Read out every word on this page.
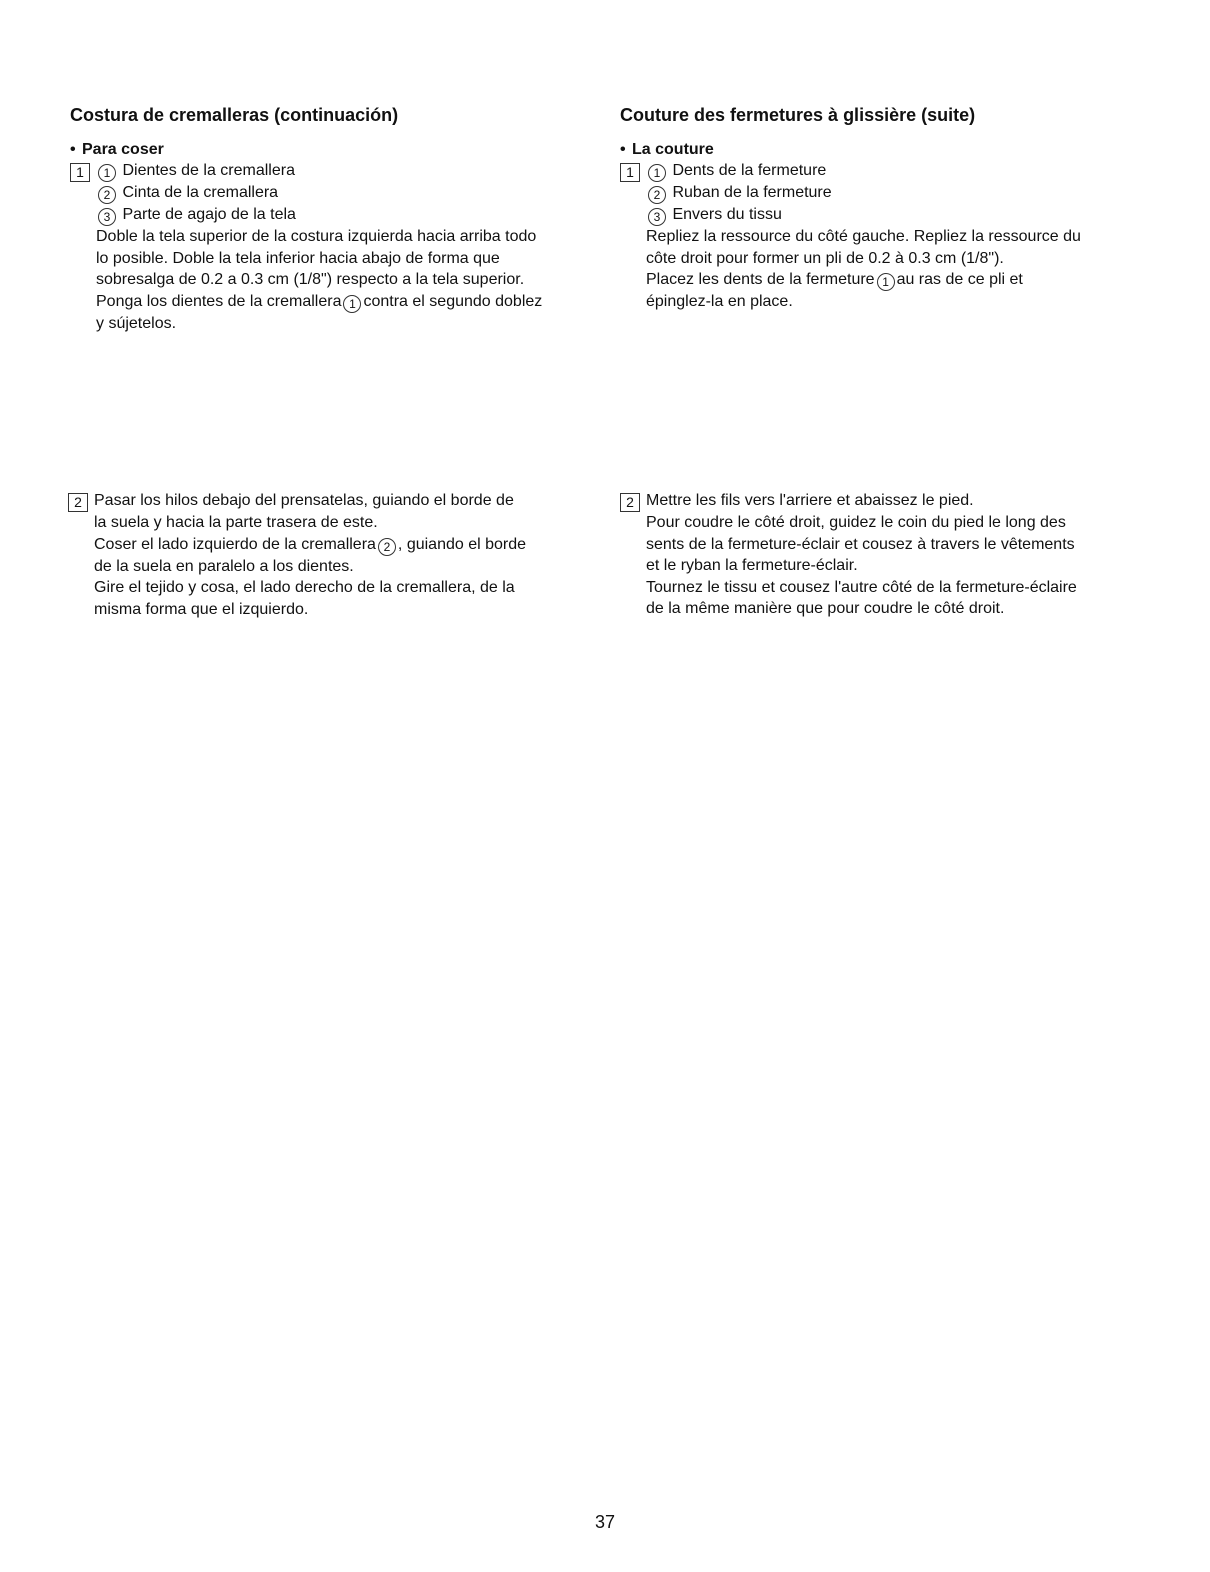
Costura de cremalleras (continuación)
• Para coser
1 1 Dientes de la cremallera
2 Cinta de la cremallera
3 Parte de agajo de la tela
Doble la tela superior de la costura izquierda hacia arriba todo
lo posible. Doble la tela inferior hacia abajo de forma que
sobresalga de 0.2 a 0.3 cm (1/8") respecto a la tela superior.
Ponga los dientes de la cremallera 1 contra el segundo doblez
y sújetelos.
Couture des fermetures à glissière (suite)
• La couture
1 1 Dents de la fermeture
2 Ruban de la fermeture
3 Envers du tissu
Repliez la ressource du côté gauche. Repliez la ressource du
côte droit pour former un pli de 0.2 à 0.3 cm (1/8").
Placez les dents de la fermeture 1 au ras de ce pli et
épinglez-la en place.
2 Pasar los hilos debajo del prensatelas, guiando el borde de
la suela y hacia la parte trasera de este.
Coser el lado izquierdo de la cremallera 2 , guiando el borde
de la suela en paralelo a los dientes.
Gire el tejido y cosa, el lado derecho de la cremallera, de la
misma forma que el izquierdo.
2 Mettre les fils vers l'arriere et abaissez le pied.
Pour coudre le côté droit, guidez le coin du pied le long des
sents de la fermeture-éclair et cousez à travers le vêtements
et le ryban la fermeture-éclair.
Tournez le tissu et cousez l'autre côté de la fermeture-éclaire
de la même manière que pour coudre le côté droit.
37
